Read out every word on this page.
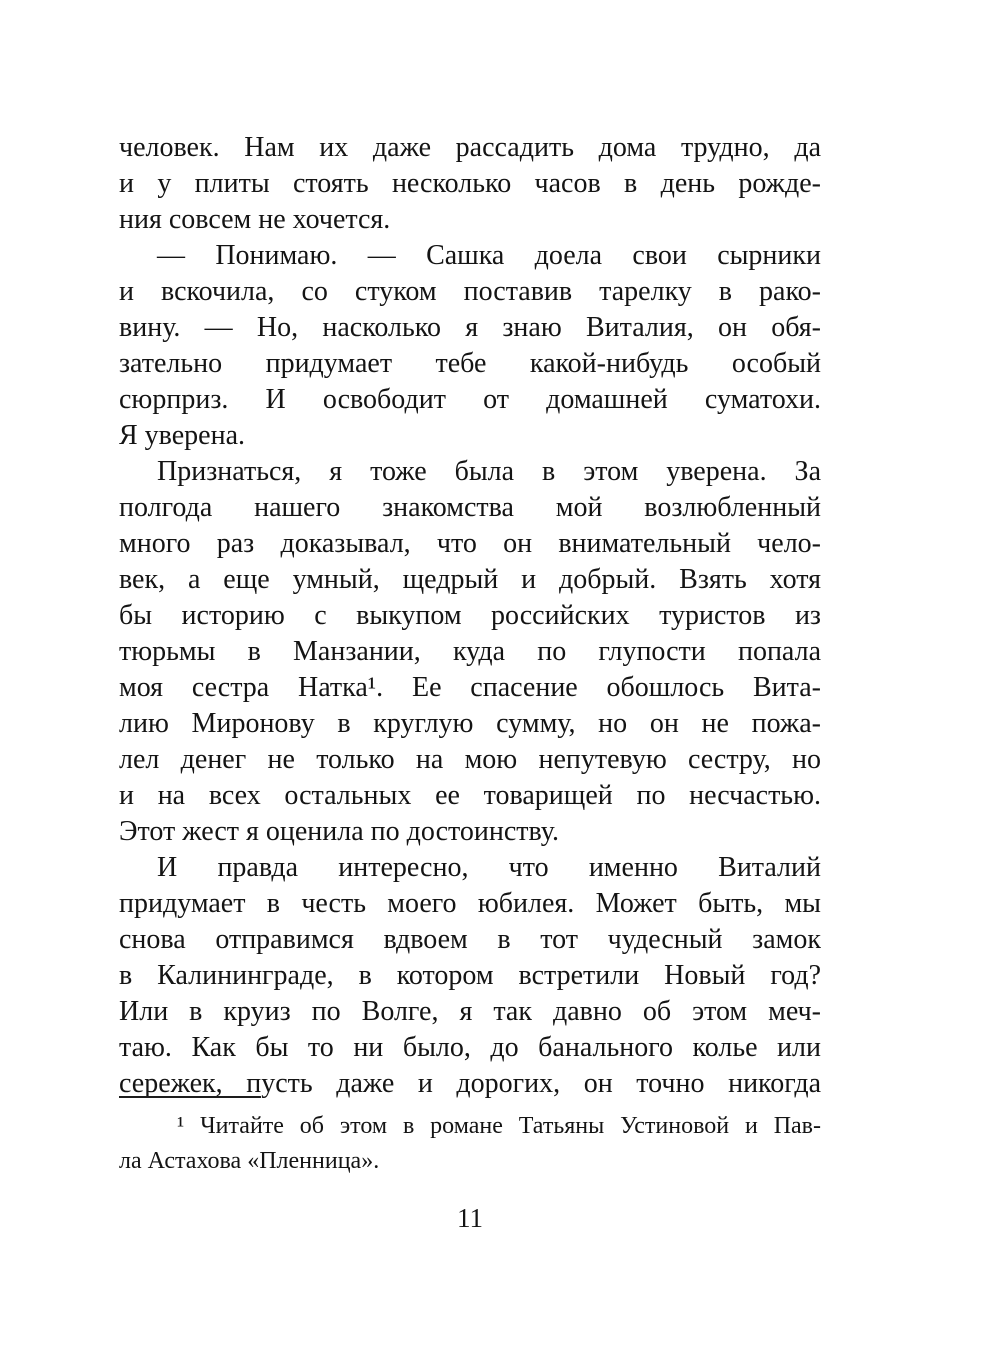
человек. Нам их даже рассадить дома трудно, да
и у плиты стоять несколько часов в день рожде-
ния совсем не хочется.
— Понимаю. — Сашка доела свои сырники
и вскочила, со стуком поставив тарелку в рако-
вину. — Но, насколько я знаю Виталия, он обя-
зательно придумает тебе какой-нибудь особый
сюрприз. И освободит от домашней суматохи.
Я уверена.
Признаться, я тоже была в этом уверена. За
полгода нашего знакомства мой возлюбленный
много раз доказывал, что он внимательный чело-
век, а еще умный, щедрый и добрый. Взять хотя
бы историю с выкупом российских туристов из
тюрьмы в Манзании, куда по глупости попала
моя сестра Натка¹. Ее спасение обошлось Вита-
лию Миронову в круглую сумму, но он не пожа-
лел денег не только на мою непутевую сестру, но
и на всех остальных ее товарищей по несчастью.
Этот жест я оценила по достоинству.
И правда интересно, что именно Виталий
придумает в честь моего юбилея. Может быть, мы
снова отправимся вдвоем в тот чудесный замок
в Калининграде, в котором встретили Новый год?
Или в круиз по Волге, я так давно об этом меч-
таю. Как бы то ни было, до банального колье или
сережек, пусть даже и дорогих, он точно никогда
¹ Читайте об этом в романе Татьяны Устиновой и Пав-
ла Астахова «Пленница».
11
